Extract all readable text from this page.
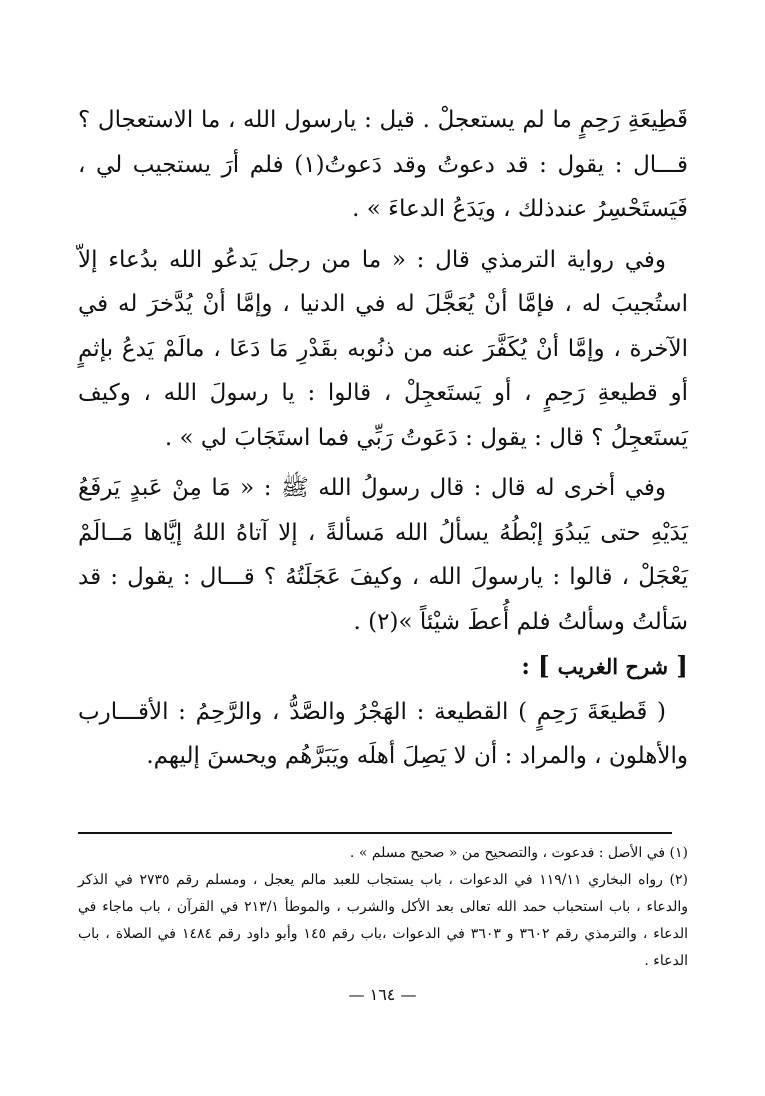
قَطِيعَةِ رَحِمٍ ما لم يستعجلْ . قيل : يارسول الله ، ما الاستعجال ؟ قـــال : يقول : قد دعوتُ وقد دَعوتُ(١) فلم أرَ يستجيب لي ، فَيَستَحْسِرُ عندذلك ، ويَدَعُ الدعاءَ » .

وفي رواية الترمذي قال : « ما من رجل يَدعُو الله بدُعاء إلاّ استُجيبَ له ، فإمَّا أنْ يُعَجَّلَ له في الدنيا ، وإمَّا أنْ يُدَّخرَ له في الآخرة ، وإمَّا أنْ يُكَفَّرَ عنه من ذنُوبه بقَدْرِ مَا دَعَا ، مالَمْ يَدعُ بإثمٍ أو قطيعةِ رَحِمٍ ، أو يَستَعجِلْ ، قالوا : يا رسولَ الله ، وكيف يَستَعجِلُ ؟ قال : يقول : دَعَوتُ رَبِّي فما استَجَابَ لي » .

وفي أخرى له قال : قال رسولُ الله ﷺ : « مَا مِنْ عَبدٍ يَرفَعُ يَدَيْهِ حتى يَبدُوَ إبْطُهُ يسألُ الله مَسألةً ، إلا آتاهُ اللهُ إيَّاها مَــالَمْ يَعْجَلْ ، قالوا : يارسولَ الله ، وكيفَ عَجَلَتُهُ ؟ قـــال : يقول : قد سَألتُ وسألتُ فلم أُعطَ شيْئاً »(٢) .

[ شرح الغريب ] :

( قَطيعَةَ رَحِمٍ ) القطيعة : الهَجْرُ والصَّدُّ ، والرَّحِمُ : الأقـــارب والأهلون ، والمراد : أن لا يَصِلَ أهلَه ويَبَرَّهُم ويحسنَ إليهم.

(١) في الأصل : فدعوت ، والتصحيح من « صحيح مسلم » .

(٢) رواه البخاري ١١٩/١١ في الدعوات ، باب يستجاب للعبد مالم يعجل ، ومسلم رقم ٢٧٣٥ في الذكر والدعاء ، باب استحباب حمد الله تعالى بعد الأكل والشرب ، والموطأ ٢١٣/١ في القرآن ، باب ماجاء في الدعاء ، والترمذي رقم ٣٦٠٢ و ٣٦٠٣ في الدعوات ،باب رقم ١٤٥ وأبو داود رقم ١٤٨٤ في الصلاة ، باب الدعاء .

— ١٦٤ —
